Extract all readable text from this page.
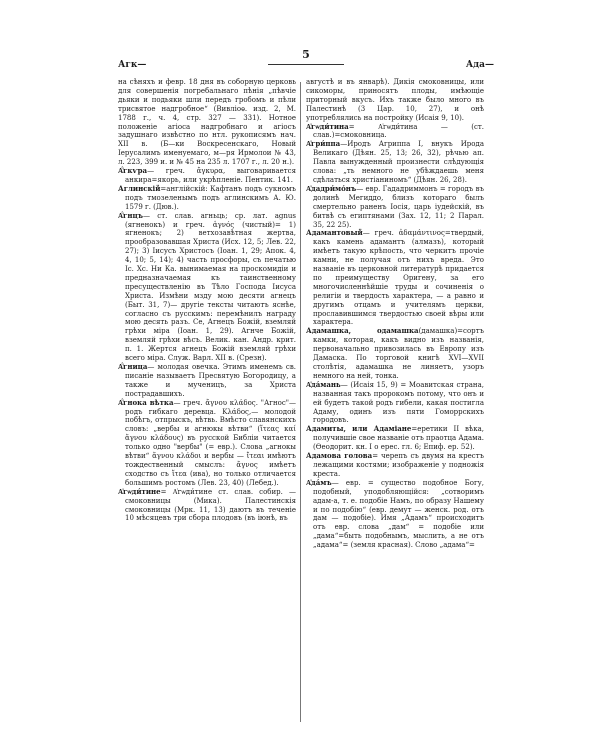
Агк—
5
Ада—

на сѣняхъ и февр. 18 дня въ соборную церковь для совершенія погребальнаго пѣнія „пѣвчіе дьяки и подьяки шли передъ гробомъ и пѣли трисвятое надгробное“ (Вивліоѳ. изд. 2, М. 1788 г., ч. 4, стр. 327 — 331). Нотное положеніе агіоса надгробнаго и агіосъ задушнаго извѣстно по нтл. рукописямъ нач. XII в. (Б—ки Воскресенскаго, Новый Іерусалимъ именуемаго, м—ря Ирмолои № 43, л. 223, 399 и. и № 45 на 235 л. 1707 г., л. 20 н.).

А҆́гкѵра— греч. ἄγκυρα, выговаривается анкира=якорь, или укрѣпленіе. Пентик. 141.

Аглинскій=англійскій: Кафтанъ подъ сукномъ подъ тмозеленымъ подъ аглинскимъ А. Ю. 1579 г. (Дюв.).

А҆́гнцъ— ст. слав. агньць; ср. лат. agnus (ягненокъ) и греч. ἁγνός (чистый)= 1) ягненокъ; 2) ветхозавѣтная жертва, прообразовавшая Христа (Исх. 12, 5; Лев. 22, 27); 3) Іисусъ Христосъ (Іоан. 1, 29; Апок. 4, 4, 10; 5, 14); 4) часть просфоры, съ печатью Іс. Хс. Ни Ка. вынимаемая на проскомидіи и предназначаемая къ таинственному пресуществленію въ Тѣло Господа Іисуса Христа. Измѣни мзду мою десяти агнецъ (Быт. 31, 7)— другіе тексты читаютъ яснѣе, согласно съ русскимъ: перемѣнилъ награду мою десять разъ. Се, Агнецъ Божій, вземляй грѣхи міра (Іоан. 1, 29). Агнче Божій, вземляй грѣхи вѣсъ. Велик. кан. Андр. крит. п. 1. Жертся агнецъ Божій вземляй грѣхи всего міра. Служ. Варл. XII в. (Срезн).

А҆́гница— молодая овечка. Этимъ именемъ св. писаніе называетъ Пресвятую Богородицу, а также и мученицъ, за Христа пострадавшихъ.

А҆́гнока вѣтка— греч. ἄγνου κλάδος. "Агнос"—родъ гибкаго деревца. Κλάδος,— молодой побѣгъ, отпрыскъ, вѣтвь. Вмѣсто славянскихъ словъ: „вербы и агнюкы вѣтви“ (ἴτεας καί ἄγνου κλάδους) въ русской Библіи читается только одно "вербы" (= евр.). Слова „агнокы вѣтви“ ἄγνου κλάδοι и вербы — ἴτεαι имѣютъ тождественный смыслъ: ἄγνος имѣетъ сходство съ ἴτεα (ива), но только отличается большимъ ростомъ (Лев. 23, 40) (Лебед.).

А҆гѡди́тине= А҆гѡди́тине ст. слав. собир. — смоковницы (Мика). Палестинскія смоковницы (Мрк. 11, 13) даютъ въ теченіе 10 мѣсяцевъ три сбора плодовъ (въ іюнѣ, въ

августѣ и въ январѣ). Дикія смоковницы, или сикоморы, приносятъ плоды, имѣющіе приторный вкусъ. Ихъ также было много въ Палестинѣ (3 Цар. 10, 27), и онѣ употреблялись на постройку (Исаія 9, 10).

А҆гѡди́тина= А҆гѡди́тина — (ст. слав.)=смоковница.

А҆гри́ппа—Иродъ Агриппа I, внукъ Ирода Великаго (Дѣян. 25, 13; 26, 32), рѣчью ап. Павла вынужденный произнести слѣдующія слова: „ть немного не убѣждаешь меня сдѣлаться христіаниномъ“ (Дѣян. 26, 28).

А҆дадри́мо́нъ— евр. Гададриммонъ = городъ въ долинѣ Мегиддо, близъ котораго былъ смертельно раненъ Іосія, царь іудейскій, въ битвѣ съ египтянами (Зах. 12, 11; 2 Парал. 35, 22 25).

Адамантовый— греч. ἀδαμάντινος=твердый, какъ камень адамантъ (алмазъ), который имѣетъ такую крѣпость, что черкитъ прочіе камни, не получая отъ нихъ вреда. Это названіе въ церковной литературѣ придается по преимуществу Оригену, за его многочисленнѣйшіе труды и сочиненія о религіи и твердость характера, — а равно и другимъ отцамъ и учителямъ церкви, прославившимся твердостью своей вѣры или характера.

Адамашка, одамашка(дамашка)=сортъ камки, которая, какъ видно изъ названія, первоначально привозилась въ Европу изъ Дамаска. По торговой книгѣ XVI—XVII столѣтія, адамашка не линяетъ, узоръ немного на ней, тонка.

А҆да́мань— (Исаія 15, 9) = Моавитская страна, названная такъ пророкомъ потому, что онъ и ей будетъ такой родъ гибели, какая постигла Адаму, одинъ изъ пяти Гоморрскихъ городовъ.

Адамиты, или Адаміане=еретики II вѣка, получившіе свое названіе отъ праотца Адама. (Ѳеодорит. кн. I о ерес. гл. 6; Епиф. ер. 52).

Адамова голова= черепъ съ двумя на крестъ лежащими костями; изображеніе у подножія креста.

А҆да́мъ— евр. = существо подобное Богу, подобный, уподобляющійся: „сотворимъ адам-а, т. е. подобіе Намъ, по образу Нашему и по подобію“ (евр. демут — женск. род. отъ дам — подобіе). Имя „Адамъ“ происходитъ отъ евр. слова „дам“ = подобіе или „дама“=быть подобнымъ, мыслить, а не отъ „адама“= (земля красная). Слово „адама“=
